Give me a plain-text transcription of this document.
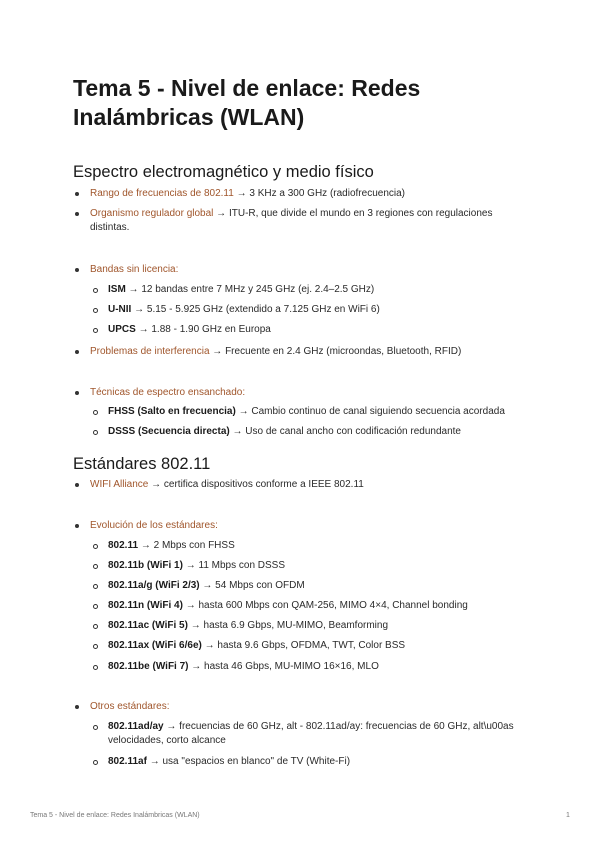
Tema 5 - Nivel de enlace: Redes Inalámbricas (WLAN)
Espectro electromagnético y medio físico
Rango de frecuencias de 802.11 → 3 KHz a 300 GHz (radiofrecuencia)
Organismo regulador global → ITU-R, que divide el mundo en 3 regiones con regulaciones distintas.
Bandas sin licencia:
ISM → 12 bandas entre 7 MHz y 245 GHz (ej. 2.4–2.5 GHz)
U-NII → 5.15 - 5.925 GHz (extendido a 7.125 GHz en WiFi 6)
UPCS → 1.88 - 1.90 GHz en Europa
Problemas de interferencia → Frecuente en 2.4 GHz (microondas, Bluetooth, RFID)
Técnicas de espectro ensanchado:
FHSS (Salto en frecuencia) → Cambio continuo de canal siguiendo secuencia acordada
DSSS (Secuencia directa) → Uso de canal ancho con codificación redundante
Estándares 802.11
WIFI Alliance → certifica dispositivos conforme a IEEE 802.11
Evolución de los estándares:
802.11 → 2 Mbps con FHSS
802.11b (WiFi 1) → 11 Mbps con DSSS
802.11a/g (WiFi 2/3) → 54 Mbps con OFDM
802.11n (WiFi 4) → hasta 600 Mbps con QAM-256, MIMO 4×4, Channel bonding
802.11ac (WiFi 5) → hasta 6.9 Gbps, MU-MIMO, Beamforming
802.11ax (WiFi 6/6e) → hasta 9.6 Gbps, OFDMA, TWT, Color BSS
802.11be (WiFi 7) → hasta 46 Gbps, MU-MIMO 16×16, MLO
Otros estándares:
802.11ad/ay → frecuencias de 60 GHz, alt - 802.11ad/ay: frecuencias de 60 GHz, alt\u00as velocidades, corto alcance
802.11af → usa "espacios en blanco" de TV (White-Fi)
Tema 5 - Nivel de enlace: Redes Inalámbricas (WLAN)	1
